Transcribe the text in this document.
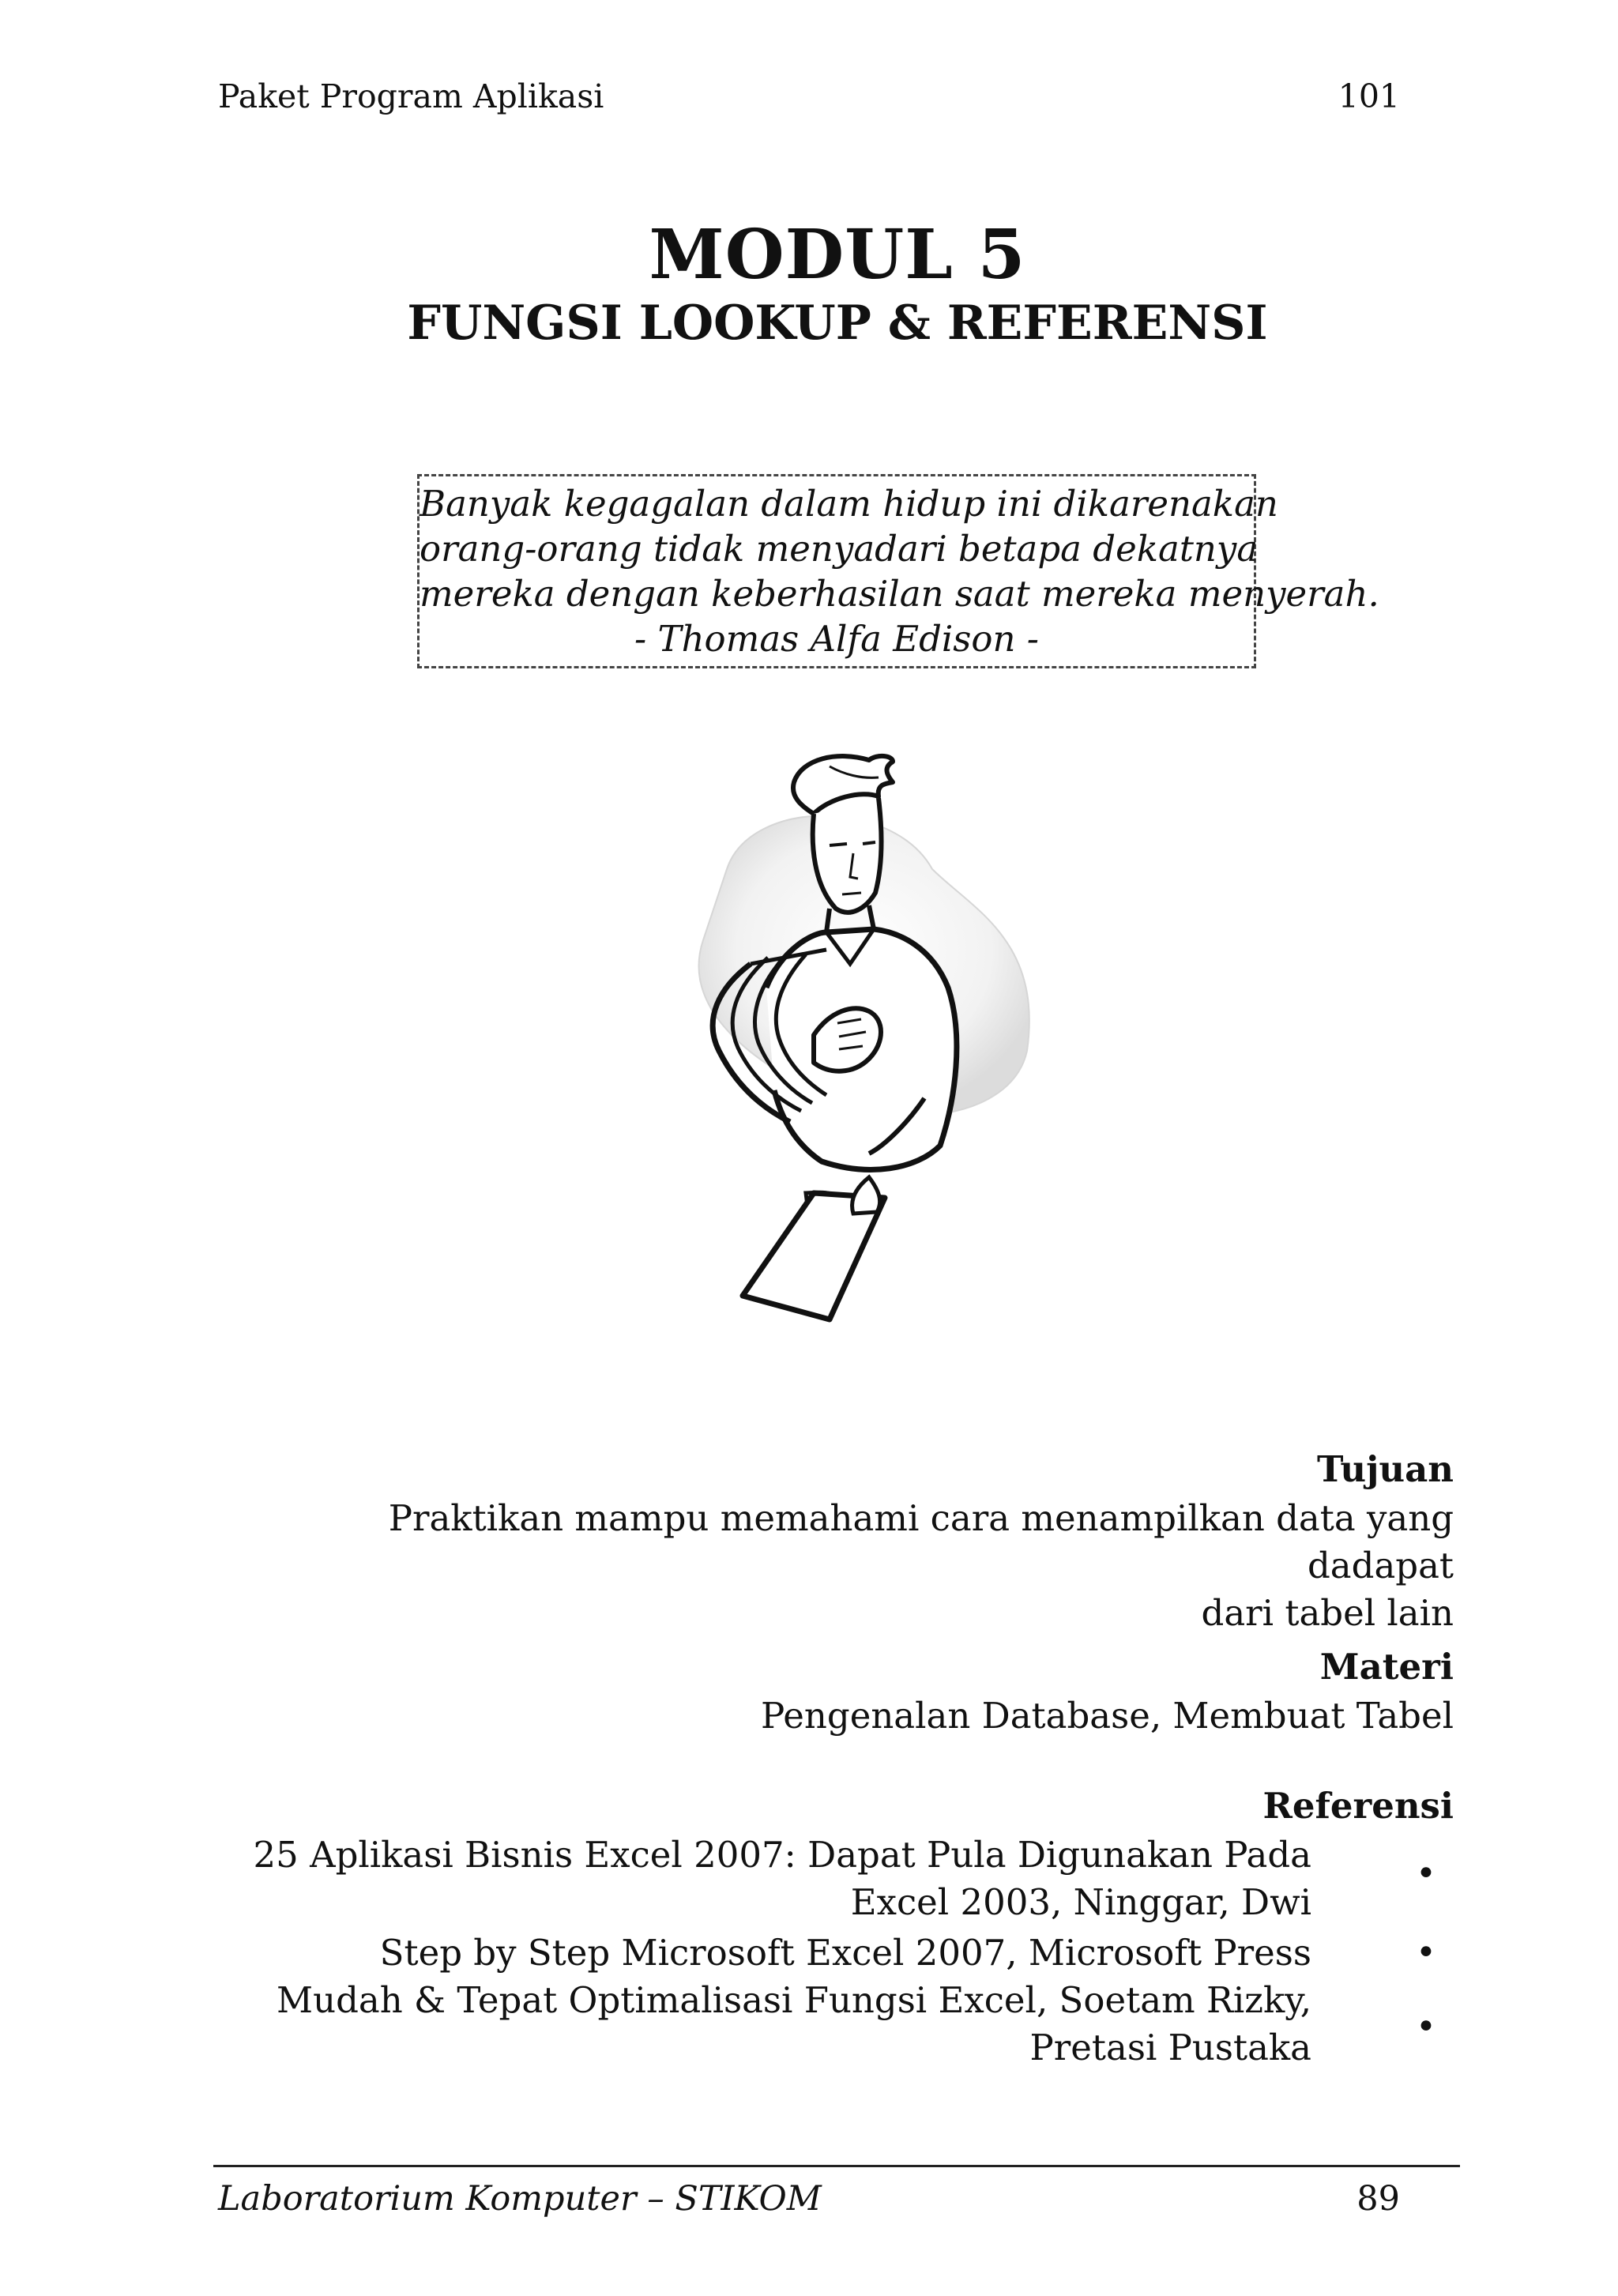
Paket Program Aplikasi	101
MODUL 5
FUNGSI LOOKUP & REFERENSI
Banyak kegagalan dalam hidup ini dikarenakan
orang-orang tidak menyadari betapa dekatnya
mereka dengan keberhasilan saat mereka menyerah.
- Thomas Alfa Edison -
Tujuan
Praktikan mampu memahami cara menampilkan data yang dadapat
dari tabel lain
Materi
Pengenalan Database, Membuat Tabel
Referensi
25 Aplikasi Bisnis Excel 2007: Dapat Pula Digunakan Pada
Excel 2003, Ninggar, Dwi
•
Step by Step Microsoft Excel 2007, Microsoft Press	•
Mudah & Tepat Optimalisasi Fungsi Excel, Soetam Rizky,
Pretasi Pustaka	•
Laboratorium Komputer – STIKOM	89
